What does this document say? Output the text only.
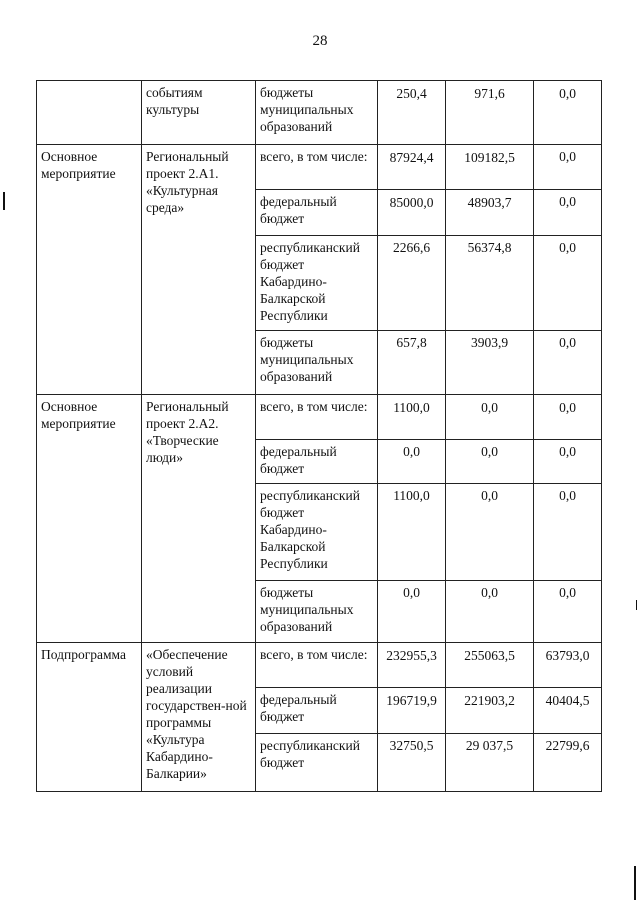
28
	событиям культуры	бюджеты муниципальных образований	250,4	971,6	0,0
Основное мероприятие	Региональный проект 2.А1. «Культурная среда»	всего, в том числе:	87924,4	109182,5	0,0
		федеральный бюджет	85000,0	48903,7	0,0
		республиканский бюджет Кабардино-Балкарской Республики	2266,6	56374,8	0,0
		бюджеты муниципальных образований	657,8	3903,9	0,0
Основное мероприятие	Региональный проект 2.А2. «Творческие люди»	всего, в том числе:	1100,0	0,0	0,0
		федеральный бюджет	0,0	0,0	0,0
		республиканский бюджет Кабардино-Балкарской Республики	1100,0	0,0	0,0
		бюджеты муниципальных образований	0,0	0,0	0,0
Подпрограмма	«Обеспечение условий реализации государствен-ной программы «Культура Кабардино-Балкарии»	всего, в том числе:	232955,3	255063,5	63793,0
		федеральный бюджет	196719,9	221903,2	40404,5
		республиканский бюджет	32750,5	29 037,5	22799,6
